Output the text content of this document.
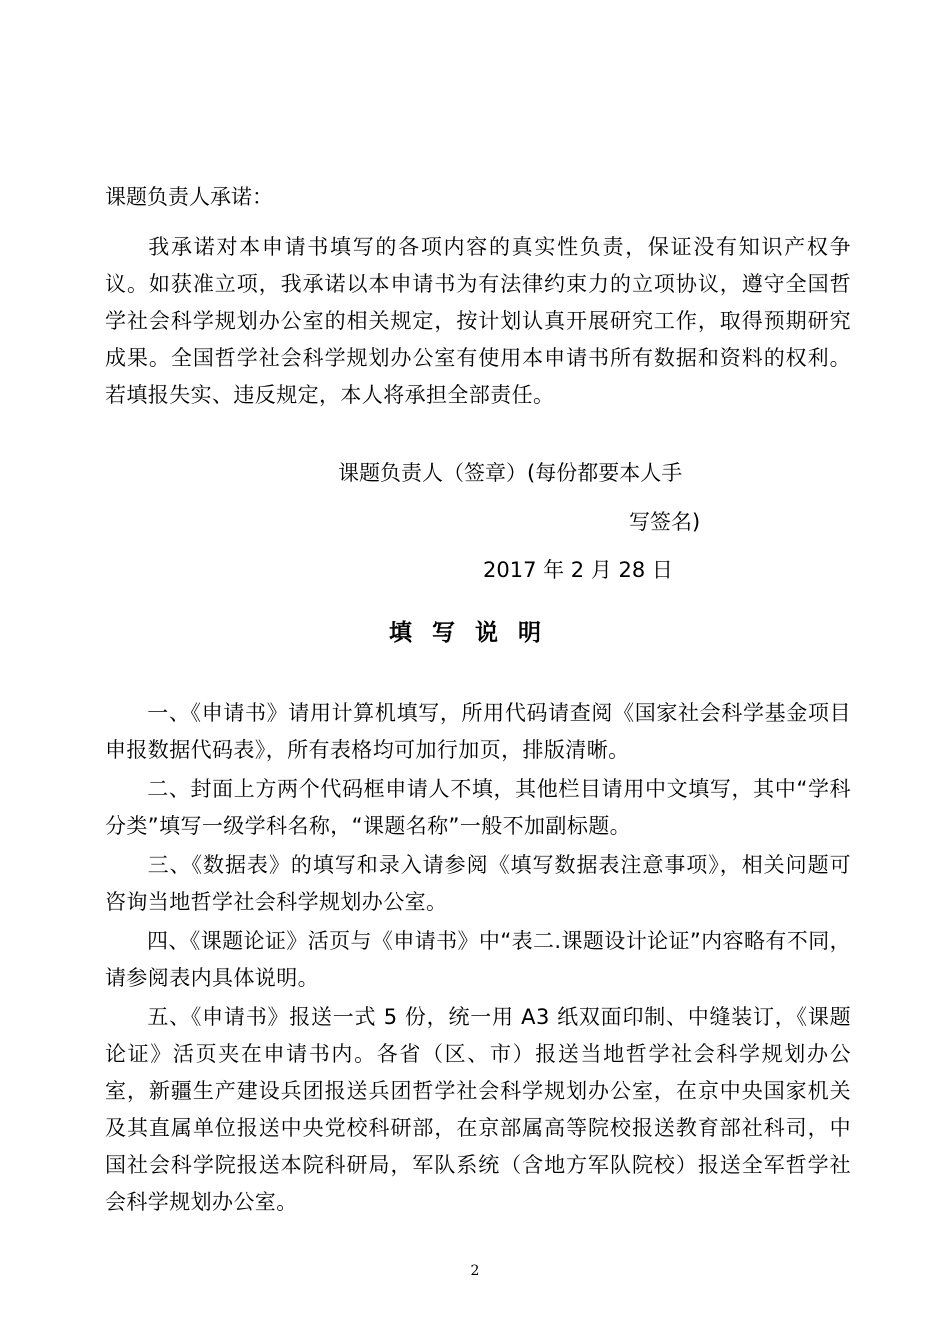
课题负责人承诺：

我承诺对本申请书填写的各项内容的真实性负责，保证没有知识产权争议。如获准立项，我承诺以本申请书为有法律约束力的立项协议，遵守全国哲学社会科学规划办公室的相关规定，按计划认真开展研究工作，取得预期研究成果。全国哲学社会科学规划办公室有使用本申请书所有数据和资料的权利。若填报失实、违反规定，本人将承担全部责任。

课题负责人（签章）(每份都要本人手

写签名)

2017 年 2 月 28 日

填写说明

一、《申请书》请用计算机填写，所用代码请查阅《国家社会科学基金项目申报数据代码表》，所有表格均可加行加页，排版清晰。

二、封面上方两个代码框申请人不填，其他栏目请用中文填写，其中“学科分类”填写一级学科名称，“课题名称”一般不加副标题。

三、《数据表》的填写和录入请参阅《填写数据表注意事项》，相关问题可咨询当地哲学社会科学规划办公室。

四、《课题论证》活页与《申请书》中“表二.课题设计论证”内容略有不同，请参阅表内具体说明。

五、《申请书》报送一式 5 份，统一用 A3 纸双面印制、中缝装订，《课题论证》活页夹在申请书内。各省（区、市）报送当地哲学社会科学规划办公室，新疆生产建设兵团报送兵团哲学社会科学规划办公室，在京中央国家机关及其直属单位报送中央党校科研部，在京部属高等院校报送教育部社科司，中国社会科学院报送本院科研局，军队系统（含地方军队院校）报送全军哲学社会科学规划办公室。

2
